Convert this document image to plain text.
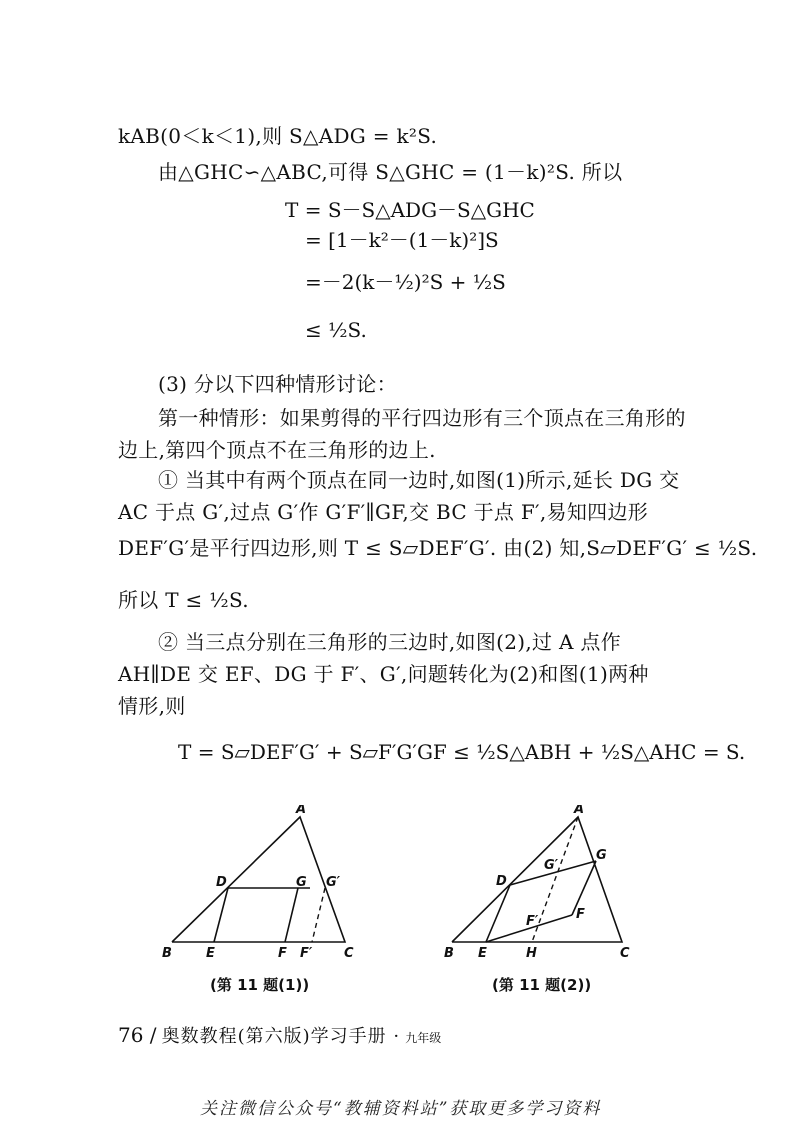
kAB(0＜k＜1),则 S△ADG = k²S.
由△GHC∽△ABC,可得 S△GHC = (1－k)²S. 所以
T = S－S△ADG－S△GHC
= [1－k²－(1－k)²]S
=－2(k－½)²S + ½S
≤ ½S.
(3) 分以下四种情形讨论：
第一种情形：如果剪得的平行四边形有三个顶点在三角形的
边上,第四个顶点不在三角形的边上.
① 当其中有两个顶点在同一边时,如图(1)所示,延长 DG 交
AC 于点 G′,过点 G′作 G′F′∥GF,交 BC 于点 F′,易知四边形
DEF′G′是平行四边形,则 T ≤ S▱DEF′G′. 由(2) 知,S▱DEF′G′ ≤ ½S.
所以 T ≤ ½S.
② 当三点分别在三角形的三边时,如图(2),过 A 点作
AH∥DE 交 EF、DG 于 F′、G′,问题转化为(2)和图(1)两种
情形,则
T = S▱DEF′G′ + S▱F′G′GF ≤ ½S△ABH + ½S△AHC = S.
A
B	C
D
E	F F′
G G′
(第 11 题(1))
A
B	C
D
E
F
F′
G
G′
H
(第 11 题(2))
76 / 奥数教程(第六版)学习手册 · 九年级
关注微信公众号“教辅资料站”获取更多学习资料
